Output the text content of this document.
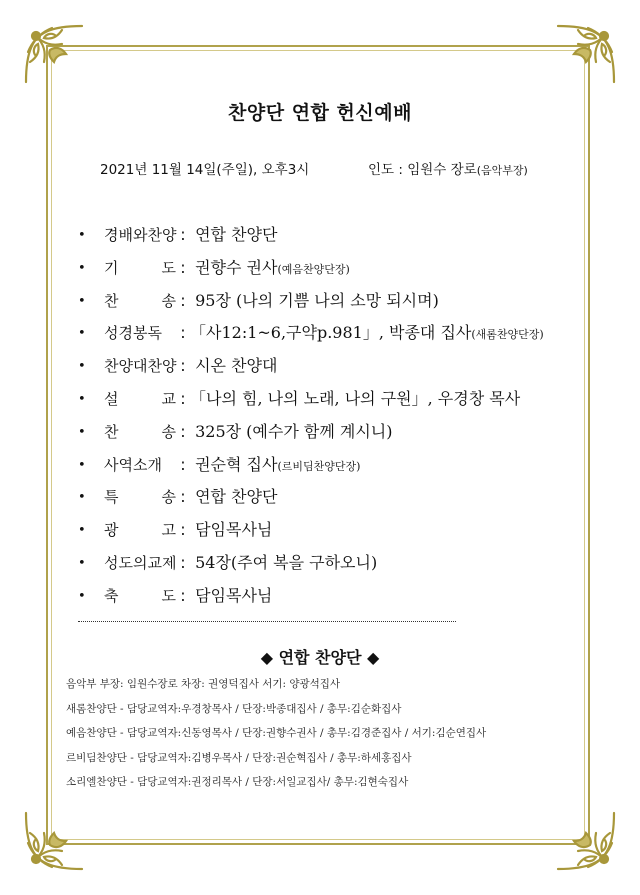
찬양단 연합 헌신예배
2021년 11월 14일(주일), 오후3시	인도 : 임원수 장로(음악부장)
• 경배와찬양 : 연합 찬양단
• 기 도 : 권향수 권사(예음찬양단장)
• 찬 송 : 95장 (나의 기쁨 나의 소망 되시며)
• 성경봉독 : 「사12:1~6,구약p.981」, 박종대 집사(새롬찬양단장)
• 찬양대찬양 : 시온 찬양대
• 설 교 : 「나의 힘, 나의 노래, 나의 구원」, 우경창 목사
• 찬 송 : 325장 (예수가 함께 계시니)
• 사역소개 : 권순혁 집사(르비딤찬양단장)
• 특 송 : 연합 찬양단
• 광 고 : 담임목사님
• 성도의교제 : 54장(주여 복을 구하오니)
• 축 도 : 담임목사님
◆ 연합 찬양단 ◆
음악부 부장: 임원수장로 차장: 권영덕집사 서기: 양광석집사
새롬찬양단 - 담당교역자:우경창목사 / 단장:박종대집사 / 총무:김순화집사
예음찬양단 - 담당교역자:신동영목사 / 단장:권향수권사 / 총무:김경준집사 / 서기:김순연집사
르비딤찬양단 - 담당교역자:김병우목사 / 단장:권순혁집사 / 총무:하세홍집사
소리엘찬양단 - 담당교역자:권정리목사 / 단장:서일교집사/ 총무:김현숙집사
